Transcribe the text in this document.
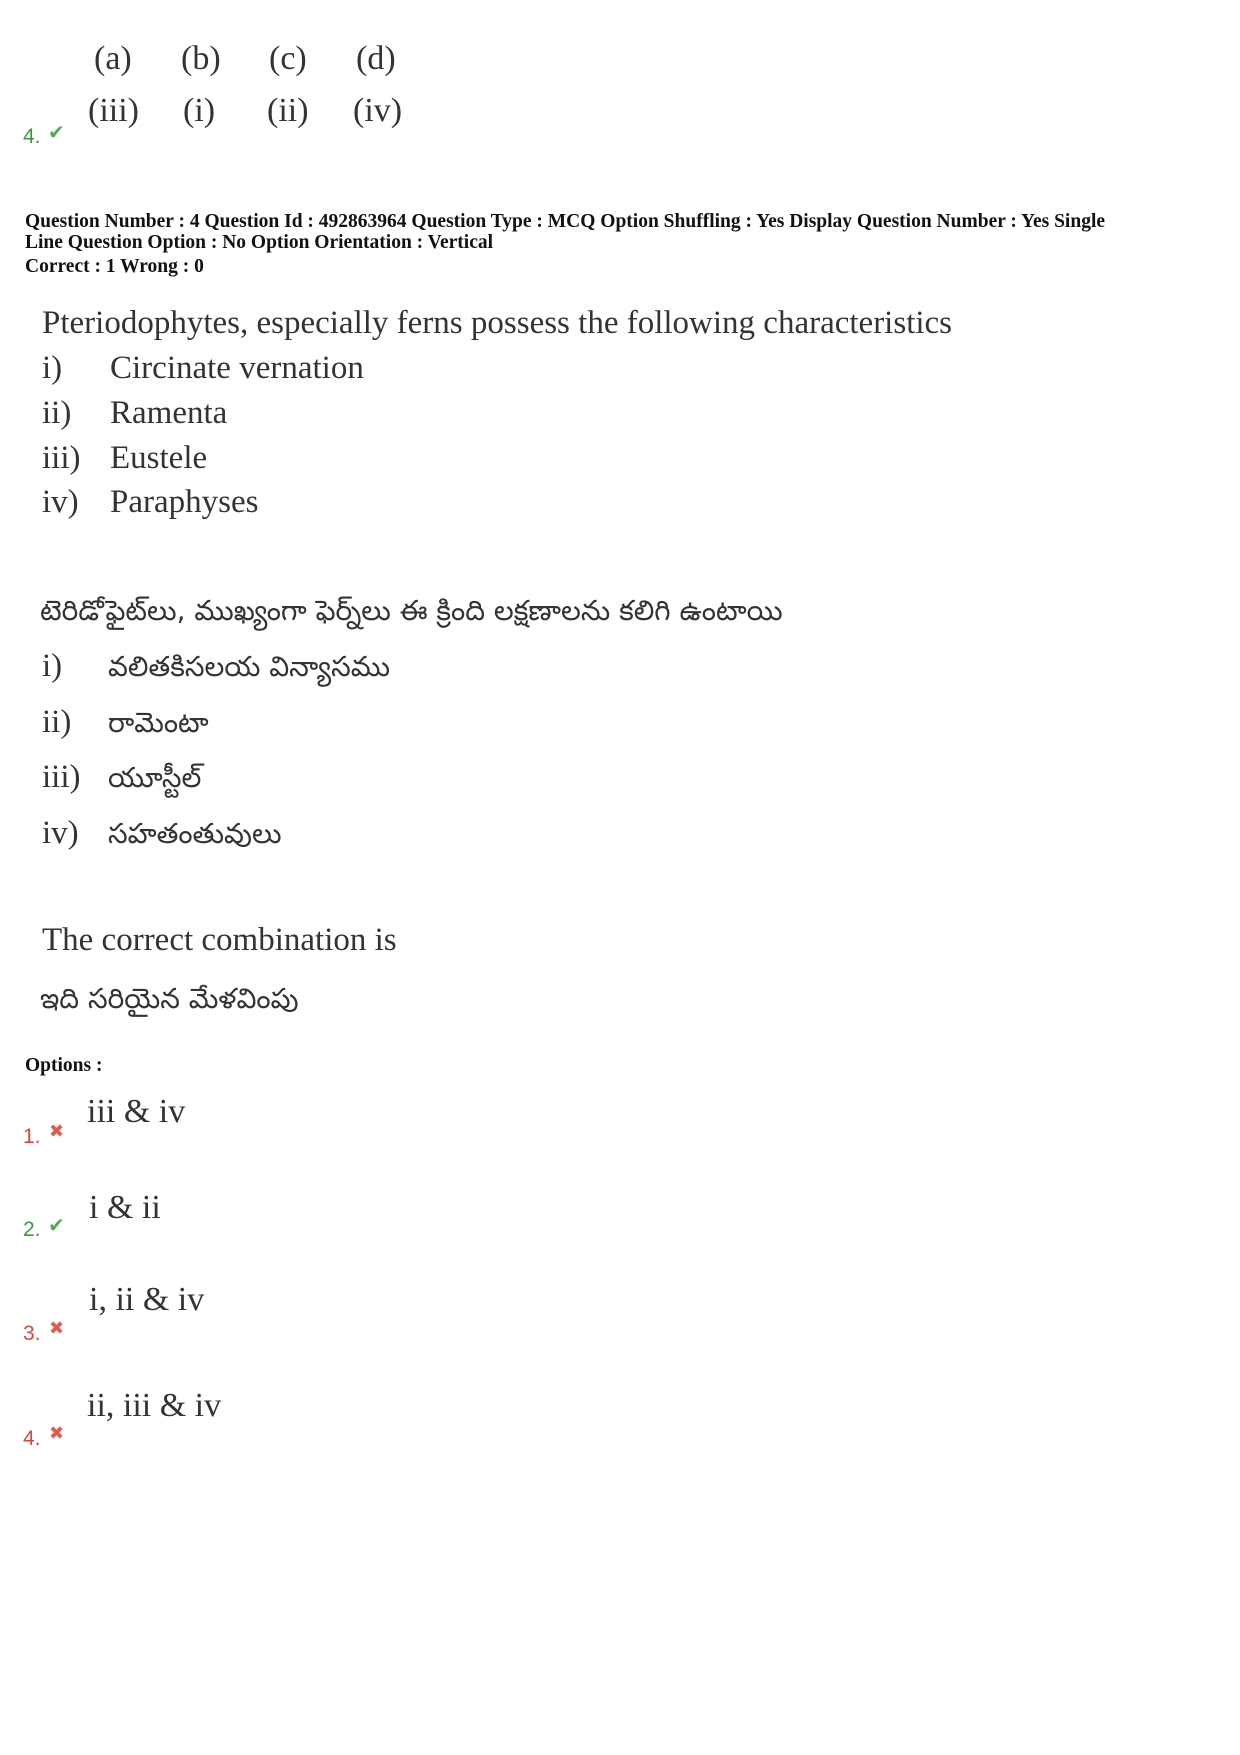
(a) (b) (c) (d)
(iii) (i) (ii) (iv)
4. ✔
Question Number : 4 Question Id : 492863964 Question Type : MCQ Option Shuffling : Yes Display Question Number : Yes Single
Line Question Option : No Option Orientation : Vertical
Correct : 1 Wrong : 0
Pteriodophytes, especially ferns possess the following characteristics
i) Circinate vernation
ii) Ramenta
iii) Eustele
iv) Paraphyses
టెరిడోఫైట్‌లు, ముఖ్యంగా ఫెర్న్‌లు ఈ క్రింది లక్షణాలను కలిగి ఉంటాయి
i) వలితకిసలయ విన్యాసము
ii) రామెంటా
iii) యూస్టీల్
iv) సహతంతువులు
The correct combination is
ఇది సరియైన మేళవింపు
Options :
iii & iv
1. ✖
i & ii
2. ✔
i, ii & iv
3. ✖
ii, iii & iv
4. ✖
